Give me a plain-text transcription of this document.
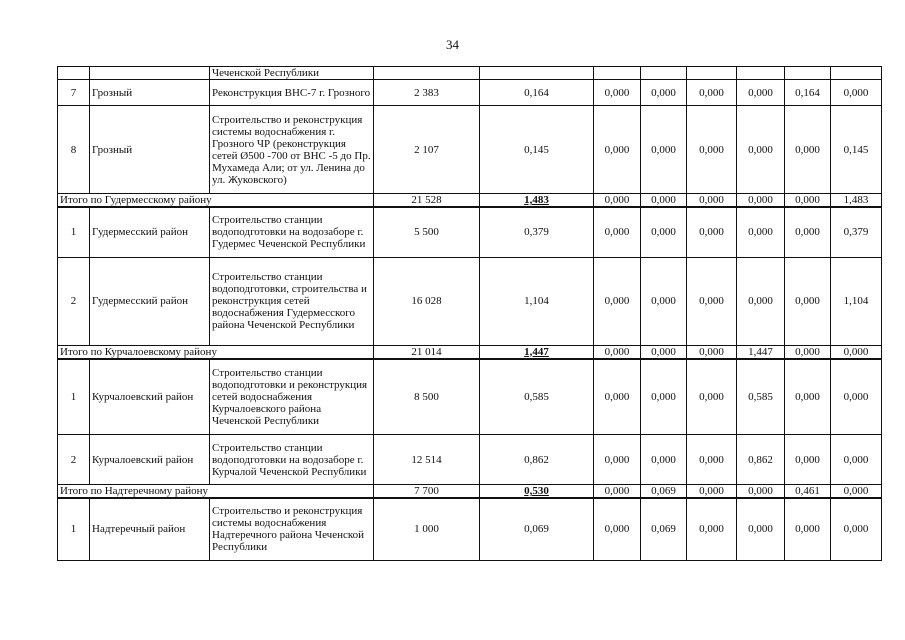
34
		Чеченской Республики								
7	Грозный	Реконструкция ВНС-7 г. Грозного	2 383	0,164	0,000	0,000	0,000	0,000	0,164	0,000
8	Грозный	Строительство и реконструкция системы водоснабжения г. Грозного ЧР (реконструкция сетей Ø500 -700 от ВНС -5 до Пр. Мухамеда Али; от ул. Ленина до ул. Жуковского)	2 107	0,145	0,000	0,000	0,000	0,000	0,000	0,145
Итого по Гудермесскому району			21 528	1,483	0,000	0,000	0,000	0,000	0,000	1,483
1	Гудермесский район	Строительство станции водоподготовки на водозаборе г. Гудермес Чеченской Республики	5 500	0,379	0,000	0,000	0,000	0,000	0,000	0,379
2	Гудермесский район	Строительство станции водоподготовки, строительства и реконструкция сетей водоснабжения Гудермесского района Чеченской Республики	16 028	1,104	0,000	0,000	0,000	0,000	0,000	1,104
Итого по Курчалоевскому району			21 014	1,447	0,000	0,000	0,000	1,447	0,000	0,000
1	Курчалоевский район	Строительство станции водоподготовки и реконструкция сетей водоснабжения Курчалоевского района Чеченской Республики	8 500	0,585	0,000	0,000	0,000	0,585	0,000	0,000
2	Курчалоевский район	Строительство станции водоподготовки на водозаборе г. Курчалой Чеченской Республики	12 514	0,862	0,000	0,000	0,000	0,862	0,000	0,000
Итого по Надтеречному району			7 700	0,530	0,000	0,069	0,000	0,000	0,461	0,000
1	Надтеречный район	Строительство и реконструкция системы водоснабжения Надтеречного района Чеченской Республики	1 000	0,069	0,000	0,069	0,000	0,000	0,000	0,000
